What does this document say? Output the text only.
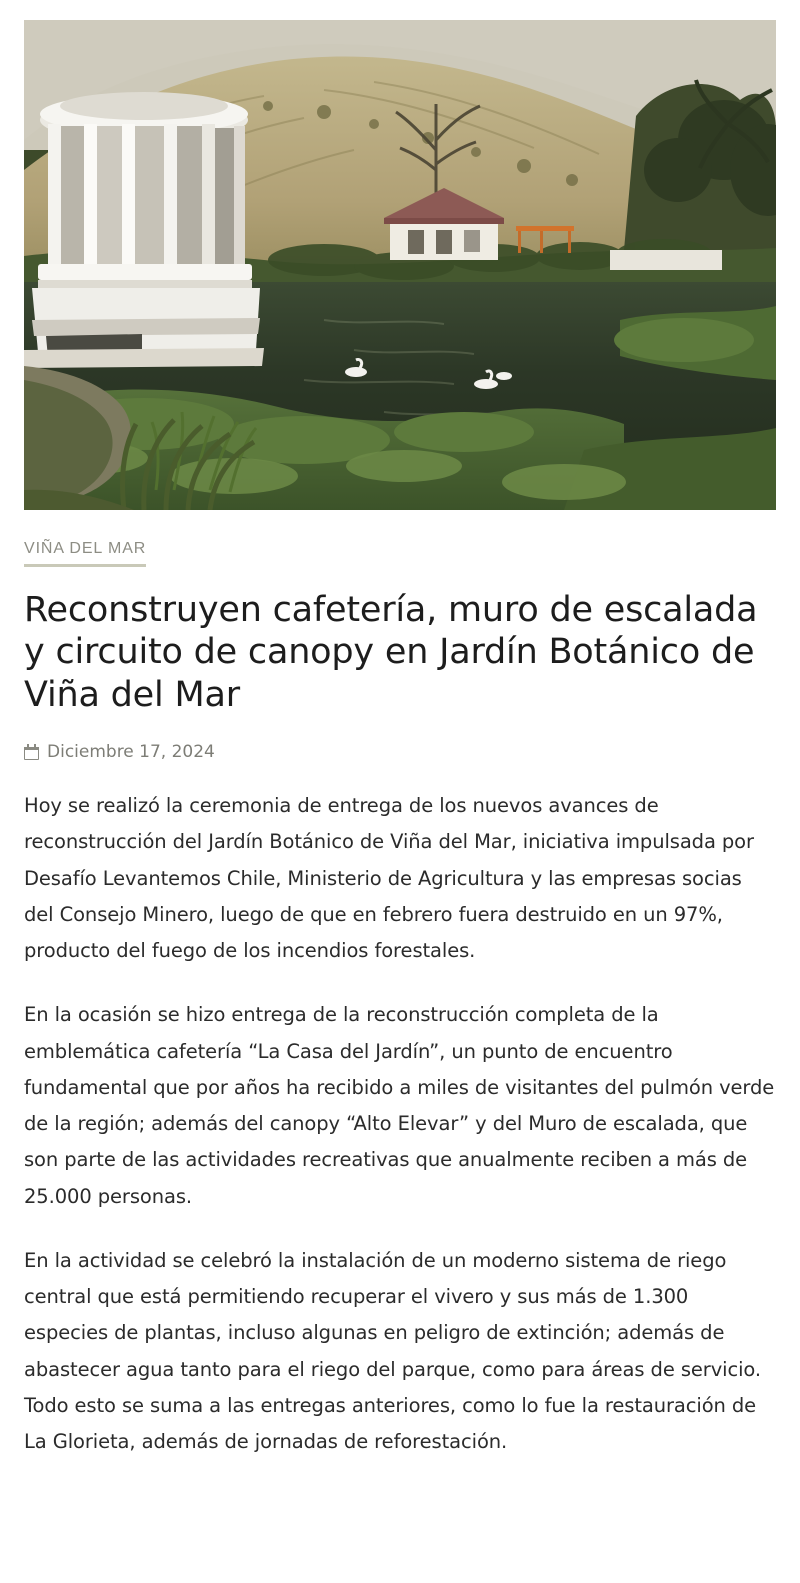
VIÑA DEL MAR
Reconstruyen cafetería, muro de escalada y circuito de canopy en Jardín Botánico de Viña del Mar
Diciembre 17, 2024

Hoy se realizó la ceremonia de entrega de los nuevos avances de reconstrucción del Jardín Botánico de Viña del Mar, iniciativa impulsada por Desafío Levantemos Chile, Ministerio de Agricultura y las empresas socias del Consejo Minero, luego de que en febrero fuera destruido en un 97%, producto del fuego de los incendios forestales.

En la ocasión se hizo entrega de la reconstrucción completa de la emblemática cafetería “La Casa del Jardín”, un punto de encuentro fundamental que por años ha recibido a miles de visitantes del pulmón verde de la región; además del canopy “Alto Elevar” y del Muro de escalada, que son parte de las actividades recreativas que anualmente reciben a más de 25.000 personas.

En la actividad se celebró la instalación de un moderno sistema de riego central que está permitiendo recuperar el vivero y sus más de 1.300 especies de plantas, incluso algunas en peligro de extinción; además de abastecer agua tanto para el riego del parque, como para áreas de servicio. Todo esto se suma a las entregas anteriores, como lo fue la restauración de La Glorieta, además de jornadas de reforestación.
